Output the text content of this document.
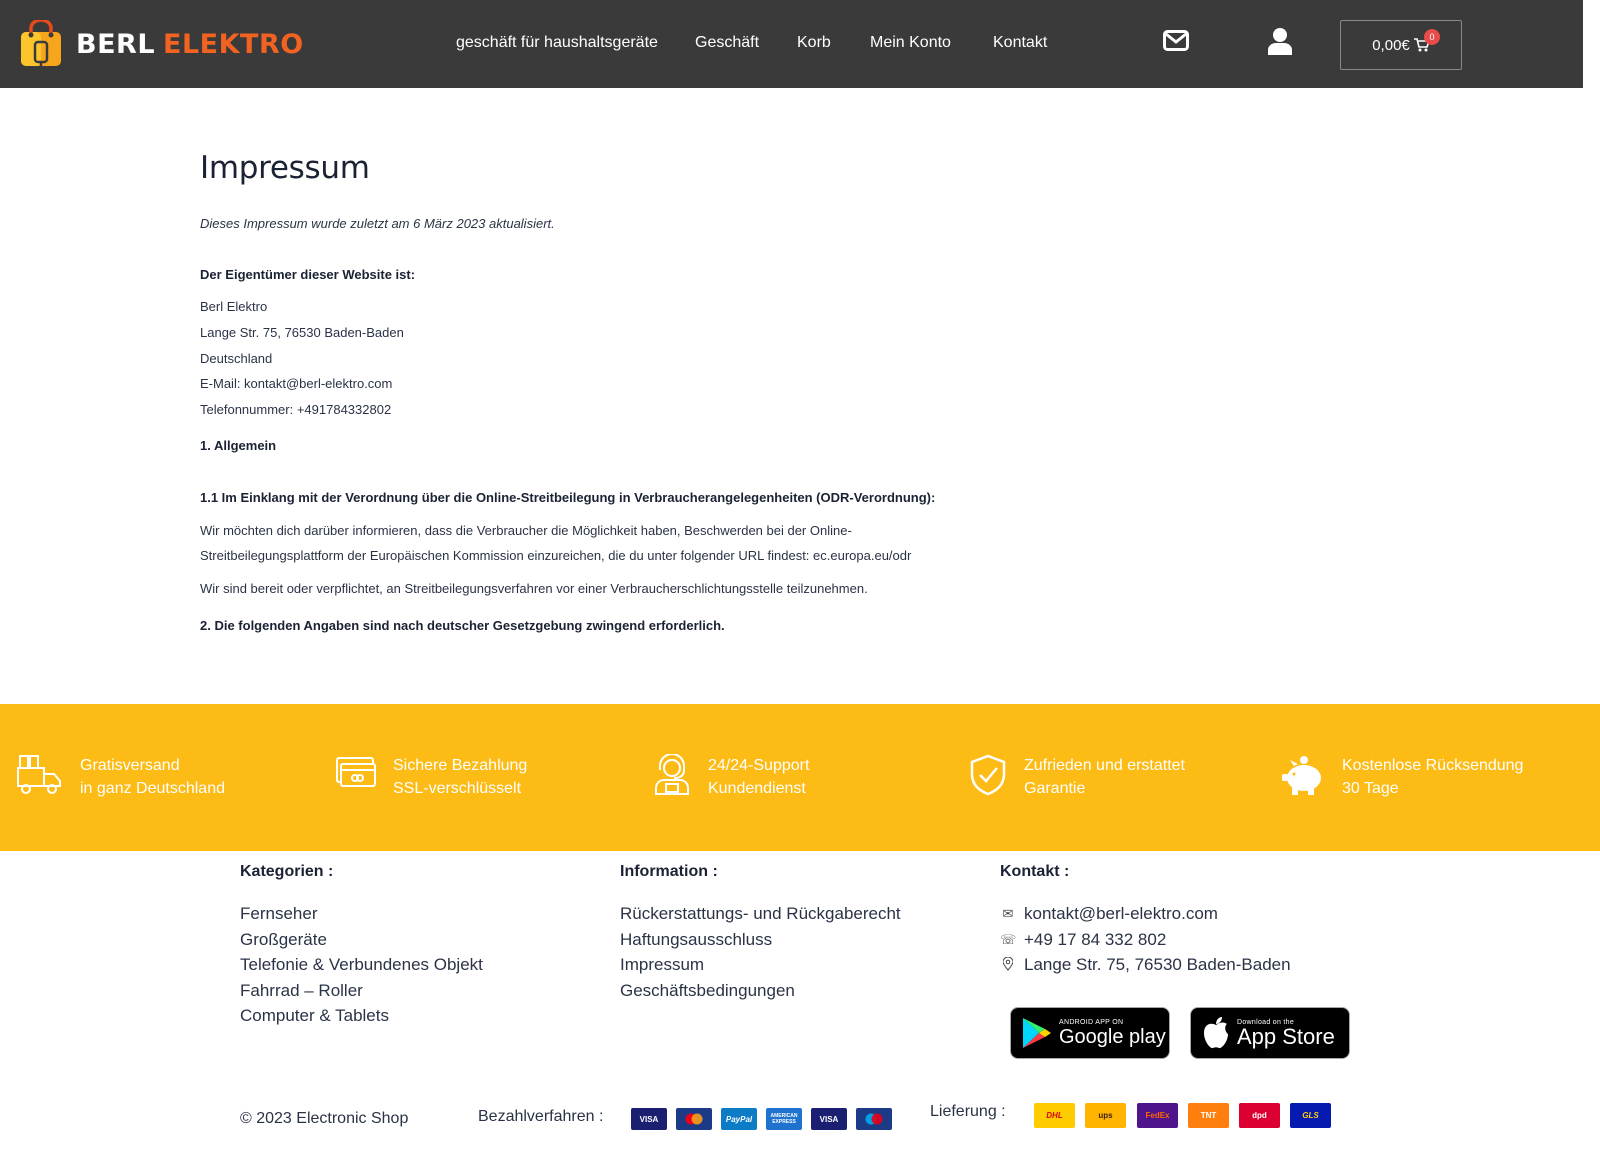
BERL ELEKTRO	geschäft für haushaltsgeräte Geschäft Korb Mein Konto	Kontakt	0,00€	0
Impressum

Dieses Impressum wurde zuletzt am 6 März 2023 aktualisiert.

Der Eigentümer dieser Website ist:

Berl Elektro

Lange Str. 75, 76530 Baden-Baden

Deutschland

E-Mail: kontakt@berl-elektro.com

Telefonnummer: +491784332802

1. Allgemein

1.1 Im Einklang mit der Verordnung über die Online-Streitbeilegung in Verbraucherangelegenheiten (ODR-Verordnung):

Wir möchten dich darüber informieren, dass die Verbraucher die Möglichkeit haben, Beschwerden bei der Online-

Streitbeilegungsplattform der Europäischen Kommission einzureichen, die du unter folgender URL findest: ec.europa.eu/odr

Wir sind bereit oder verpflichtet, an Streitbeilegungsverfahren vor einer Verbraucherschlichtungsstelle teilzunehmen.

2. Die folgenden Angaben sind nach deutscher Gesetzgebung zwingend erforderlich.

Gratisversand
in ganz Deutschland
Sichere Bezahlung
SSL-verschlüsselt
24/24-Support
Kundendienst
Zufrieden und erstattet
Garantie
Kostenlose Rücksendung
30 Tage
Kategorien :
Fernseher
Großgeräte
Telefonie & Verbundenes Objekt
Fahrrad – Roller
Computer & Tablets
Information :
Rückerstattungs- und Rückgaberecht
Haftungsausschluss
Impressum
Geschäftsbedingungen
Kontakt :
✉ kontakt@berl-elektro.com
☏ +49 17 84 332 802
Lange Str. 75, 76530 Baden-Baden
ANDROID APP ON
Google play
Download on the
App Store
© 2023 Electronic Shop	Bezahlverfahren :	VISA	PayPal	AMERICAN EXPRESS	VISA	Lieferung :	DHL	ups	FedEx	TNT	dpd	GLS
